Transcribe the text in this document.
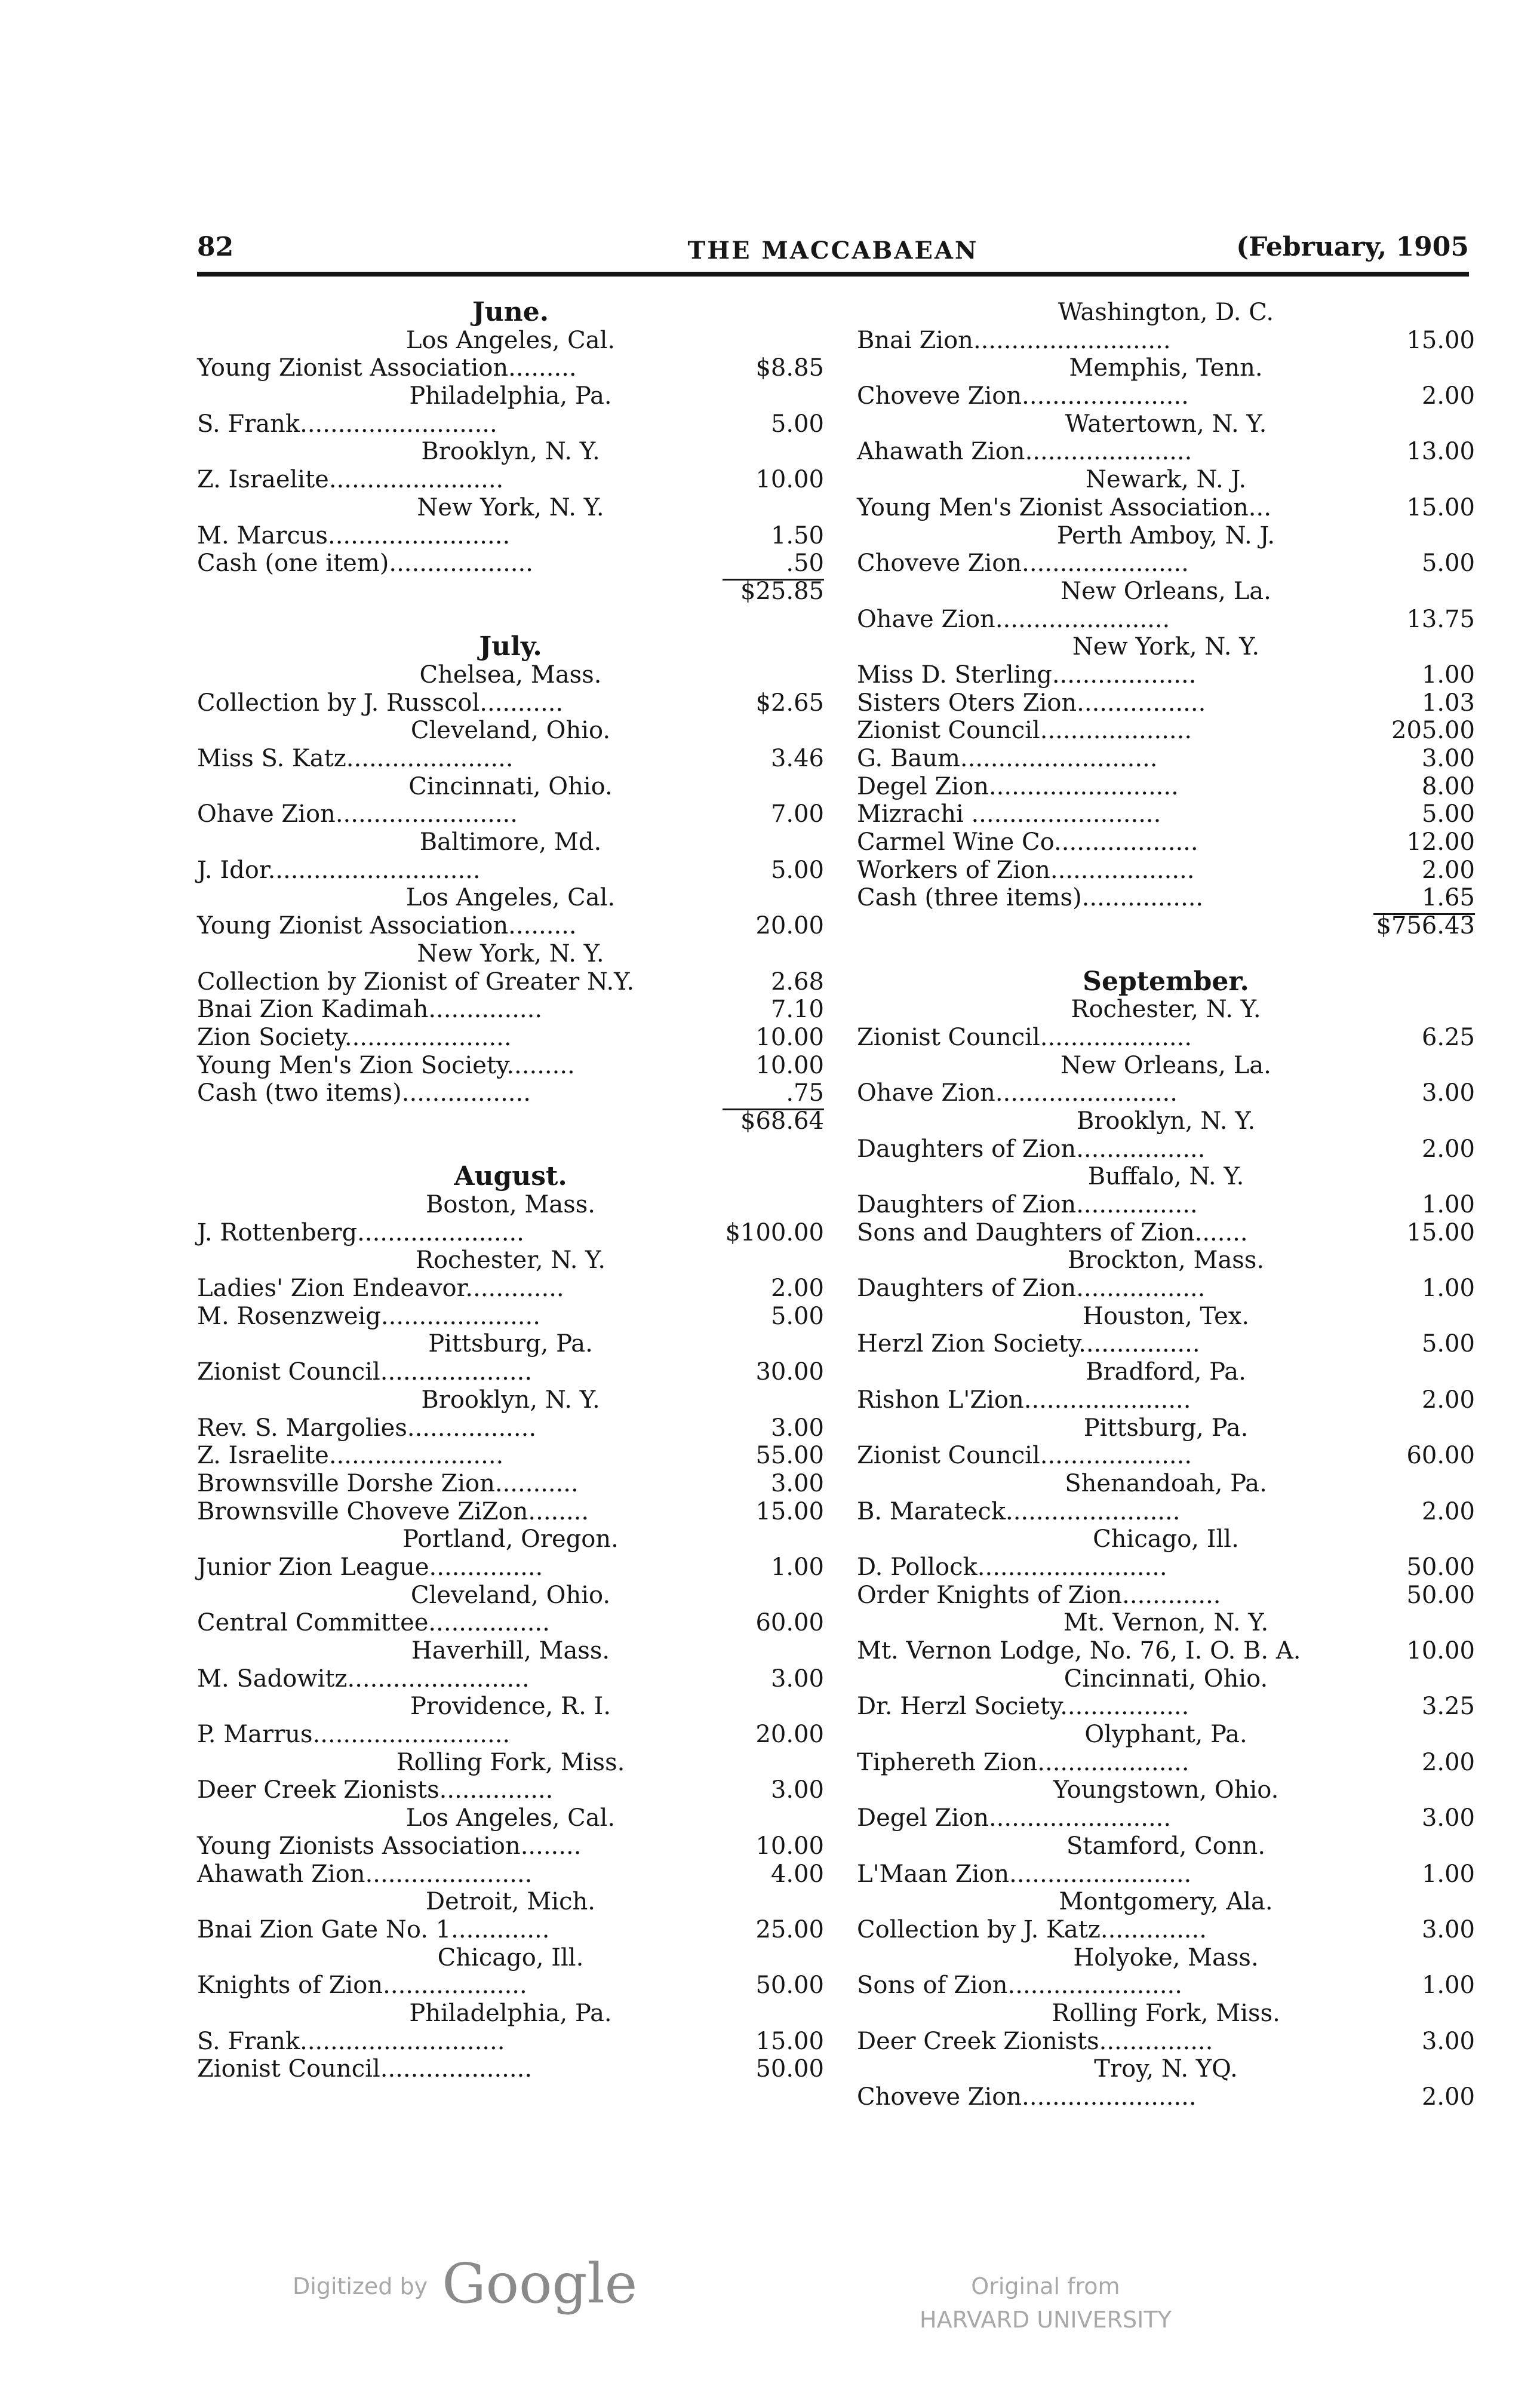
82	THE MACCABAEAN	(February, 1905
June.
Los Angeles, Cal.
Young Zionist Association.........	$8.85
Philadelphia, Pa.
S. Frank..........................	5.00
Brooklyn, N. Y.
Z. Israelite.......................	10.00
New York, N. Y.
M. Marcus........................	1.50
Cash (one item)...................	.50
$25.85
July.
Chelsea, Mass.
Collection by J. Russcol...........	$2.65
Cleveland, Ohio.
Miss S. Katz......................	3.46
Cincinnati, Ohio.
Ohave Zion........................	7.00
Baltimore, Md.
J. Idor............................	5.00
Los Angeles, Cal.
Young Zionist Association.........	20.00
New York, N. Y.
Collection by Zionist of Greater N.Y.	2.68
Bnai Zion Kadimah...............	7.10
Zion Society......................	10.00
Young Men's Zion Society.........	10.00
Cash (two items).................	.75
$68.64
August.
Boston, Mass.
J. Rottenberg......................	$100.00
Rochester, N. Y.
Ladies' Zion Endeavor.............	2.00
M. Rosenzweig.....................	5.00
Pittsburg, Pa.
Zionist Council....................	30.00
Brooklyn, N. Y.
Rev. S. Margolies.................	3.00
Z. Israelite.......................	55.00
Brownsville Dorshe Zion...........	3.00
Brownsville Choveve ZiZon........	15.00
Portland, Oregon.
Junior Zion League...............	1.00
Cleveland, Ohio.
Central Committee................	60.00
Haverhill, Mass.
M. Sadowitz........................	3.00
Providence, R. I.
P. Marrus..........................	20.00
Rolling Fork, Miss.
Deer Creek Zionists...............	3.00
Los Angeles, Cal.
Young Zionists Association........	10.00
Ahawath Zion......................	4.00
Detroit, Mich.
Bnai Zion Gate No. 1.............	25.00
Chicago, Ill.
Knights of Zion...................	50.00
Philadelphia, Pa.
S. Frank...........................	15.00
Zionist Council....................	50.00
Washington, D. C.
Bnai Zion..........................	15.00
Memphis, Tenn.
Choveve Zion......................	2.00
Watertown, N. Y.
Ahawath Zion......................	13.00
Newark, N. J.
Young Men's Zionist Association...	15.00
Perth Amboy, N. J.
Choveve Zion......................	5.00
New Orleans, La.
Ohave Zion.......................	13.75
New York, N. Y.
Miss D. Sterling...................	1.00
Sisters Oters Zion.................	1.03
Zionist Council....................	205.00
G. Baum..........................	3.00
Degel Zion.........................	8.00
Mizrachi .........................	5.00
Carmel Wine Co...................	12.00
Workers of Zion...................	2.00
Cash (three items)................	1.65
$756.43
September.
Rochester, N. Y.
Zionist Council....................	6.25
New Orleans, La.
Ohave Zion........................	3.00
Brooklyn, N. Y.
Daughters of Zion.................	2.00
Buffalo, N. Y.
Daughters of Zion................	1.00
Sons and Daughters of Zion.......	15.00
Brockton, Mass.
Daughters of Zion.................	1.00
Houston, Tex.
Herzl Zion Society................	5.00
Bradford, Pa.
Rishon L'Zion......................	2.00
Pittsburg, Pa.
Zionist Council....................	60.00
Shenandoah, Pa.
B. Marateck.......................	2.00
Chicago, Ill.
D. Pollock.........................	50.00
Order Knights of Zion.............	50.00
Mt. Vernon, N. Y.
Mt. Vernon Lodge, No. 76, I. O. B. A.	10.00
Cincinnati, Ohio.
Dr. Herzl Society.................	3.25
Olyphant, Pa.
Tiphereth Zion....................	2.00
Youngstown, Ohio.
Degel Zion........................	3.00
Stamford, Conn.
L'Maan Zion........................	1.00
Montgomery, Ala.
Collection by J. Katz..............	3.00
Holyoke, Mass.
Sons of Zion.......................	1.00
Rolling Fork, Miss.
Deer Creek Zionists...............	3.00
Troy, N. YQ.
Choveve Zion.......................	2.00
Digitized by Google	Original from
HARVARD UNIVERSITY
